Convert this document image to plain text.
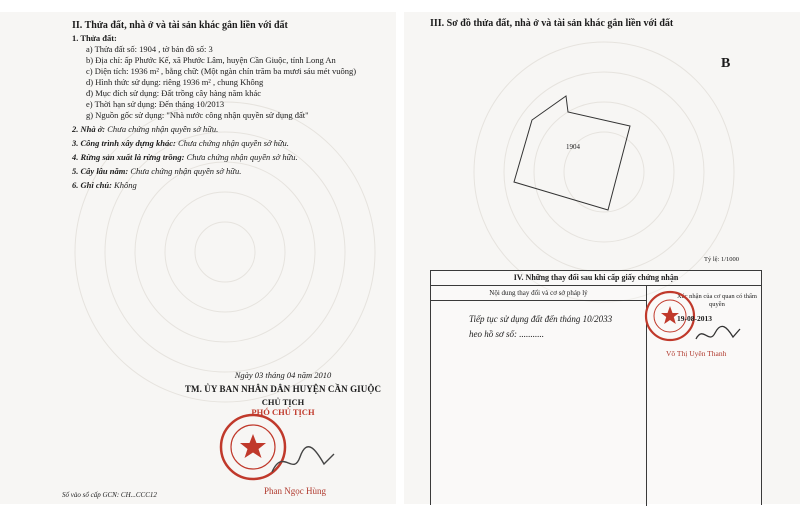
II. Thửa đất, nhà ở và tài sản khác gắn liền với đất
1. Thửa đất:
a) Thửa đất số: 1904 , tờ bản đồ số: 3
b) Địa chỉ: ấp Phước Kế, xã Phước Lâm, huyện Cần Giuộc, tỉnh Long An
c) Diện tích: 1936 m² , bằng chữ: (Một ngàn chín trăm ba mươi sáu mét vuông)
d) Hình thức sử dụng: riêng 1936 m² , chung Không
đ) Mục đích sử dụng: Đất trồng cây hàng năm khác
e) Thời hạn sử dụng: Đến tháng 10/2013
g) Nguồn gốc sử dụng: "Nhà nước công nhận quyền sử dụng đất"
2. Nhà ở: Chưa chứng nhận quyền sở hữu.
3. Công trình xây dựng khác: Chưa chứng nhận quyền sở hữu.
4. Rừng sản xuất là rừng trồng: Chưa chứng nhận quyền sở hữu.
5. Cây lâu năm: Chưa chứng nhận quyền sở hữu.
6. Ghi chú: Không
Ngày 03 tháng 04 năm 2010
TM. ỦY BAN NHÂN DÂN HUYỆN CẦN GIUỘC
CHỦ TỊCH
PHÓ CHỦ TỊCH
Phan Ngọc Hùng
Số vào sổ cấp GCN: CH...CCC12
III. Sơ đồ thửa đất, nhà ở và tài sản khác gắn liền với đất
B
1904
Tỷ lệ: 1/1000
IV. Những thay đổi sau khi cấp giấy chứng nhận
Nội dung thay đổi và cơ sở pháp lý
Tiếp tục sử dụng đất đến tháng 10/2033
heo hồ sơ số: ...........
Xác nhận của cơ quan có thẩm quyền
19-08-2013
Võ Thị Uyên Thanh
